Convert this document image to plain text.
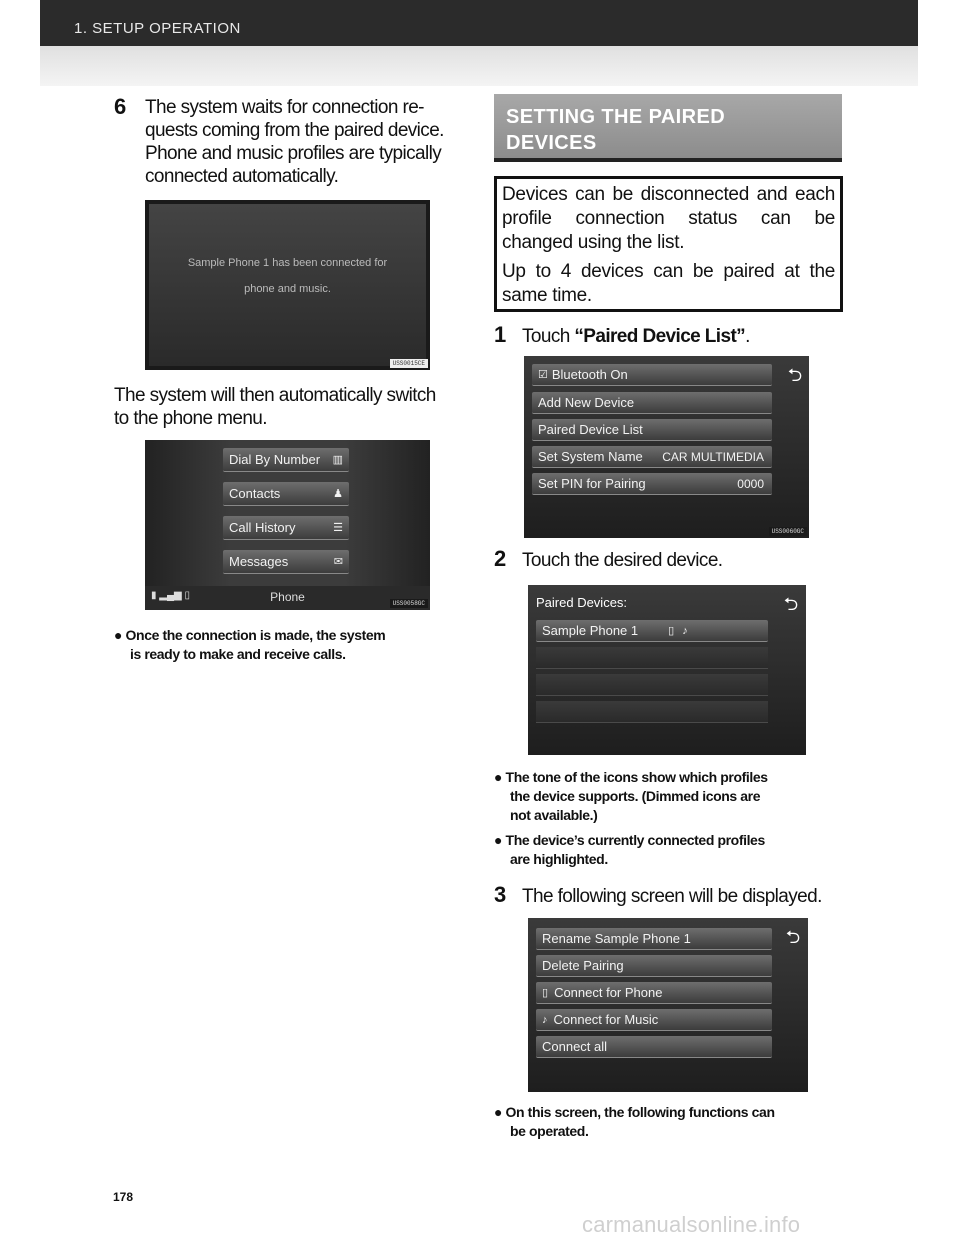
1. SETUP OPERATION
6 The system waits for connection re-
quests coming from the paired device.
Phone and music profiles are typically
connected automatically.
Sample Phone 1 has been connected for
phone and music.
USS0015CE
The system will then automatically switch
to the phone menu.
Dial By Number ▥
Contacts	♟
Call History	☰
Messages	✉
▮ ▂▄▆ ▯	Phone	USS0058GC
● Once the connection is made, the system
is ready to make and receive calls.
SETTING THE PAIRED
DEVICES

Devices can be disconnected and each profile connection status can be changed using the list.

Up to 4 devices can be paired at the same time.

1 Touch “Paired Device List”.
☑ Bluetooth On	⮌
Add New Device
Paired Device List
Set System Name CAR MULTIMEDIA
Set PIN for Pairing	0000
USS0060GC
2 Touch the desired device.
Paired Devices:	⮌
Sample Phone 1	▯ ♪
● The tone of the icons show which profiles
the device supports. (Dimmed icons are
not available.)
● The device’s currently connected profiles
are highlighted.
3 The following screen will be displayed.
Rename Sample Phone 1	⮌
Delete Pairing
▯ Connect for Phone
♪ Connect for Music
Connect all
● On this screen, the following functions can
be operated.
178
carmanualsonline.info
